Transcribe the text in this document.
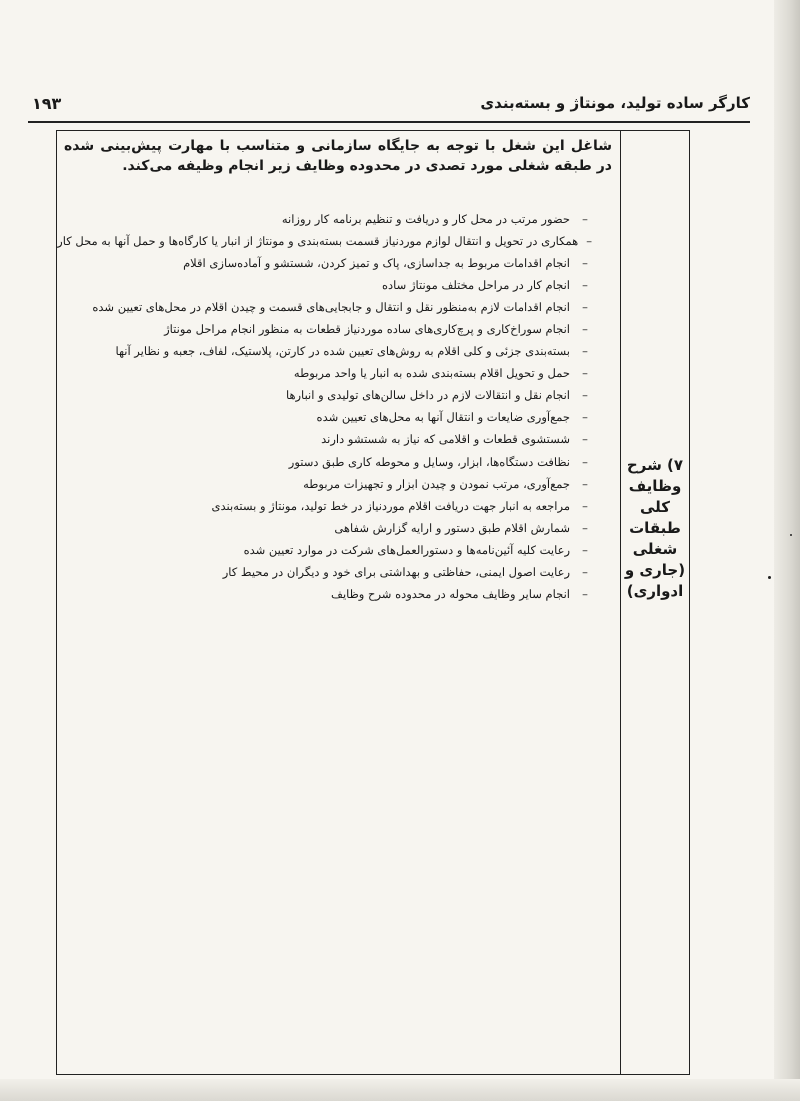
کارگر ساده تولید، مونتاژ و بسته‌بندی
۱۹۳
۷) شرح
وظایف
کلی
طبقات
شغلی
(جاری و
ادواری)
شاغل این شغل با توجه به جایگاه سازمانی و متناسب با مهارت پیش‌بینی شده در طبقه شغلی مورد تصدی در محدوده وظایف زیر انجام وظیفه می‌کند.
–
حضور مرتب در محل کار و دریافت و تنظیم برنامه کار روزانه
–
همکاری در تحویل و انتقال لوازم موردنیاز قسمت بسته‌بندی و مونتاژ از انبار یا کارگاه‌ها و حمل آنها به محل کار
–
انجام اقدامات مربوط به جداسازی، پاک و تمیز کردن، شستشو و آماده‌سازی اقلام
–
انجام کار در مراحل مختلف مونتاژ ساده
–
انجام اقدامات لازم به‌منظور نقل و انتقال و جابجایی‌های قسمت و چیدن اقلام در محل‌های تعیین شده
–
انجام سوراخ‌کاری و پرچ‌کاری‌های ساده موردنیاز قطعات به منظور انجام مراحل مونتاژ
–
بسته‌بندی جزئی و کلی اقلام به روش‌های تعیین شده در کارتن، پلاستیک، لفاف، جعبه و نظایر آنها
–
حمل و تحویل اقلام بسته‌بندی شده به انبار یا واحد مربوطه
–
انجام نقل و انتقالات لازم در داخل سالن‌های تولیدی و انبارها
–
جمع‌آوری ضایعات و انتقال آنها به محل‌های تعیین شده
–
شستشوی قطعات و اقلامی که نیاز به شستشو دارند
–
نظافت دستگاه‌ها، ابزار، وسایل و محوطه کاری طبق دستور
–
جمع‌آوری، مرتب نمودن و چیدن ابزار و تجهیزات مربوطه
–
مراجعه به انبار جهت دریافت اقلام موردنیاز در خط تولید، مونتاژ و بسته‌بندی
–
شمارش اقلام طبق دستور و ارایه گزارش شفاهی
–
رعایت کلیه آئین‌نامه‌ها و دستورالعمل‌های شرکت در موارد تعیین شده
–
رعایت اصول ایمنی، حفاظتی و بهداشتی برای خود و دیگران در محیط کار
–
انجام سایر وظایف محوله در محدوده شرح وظایف
